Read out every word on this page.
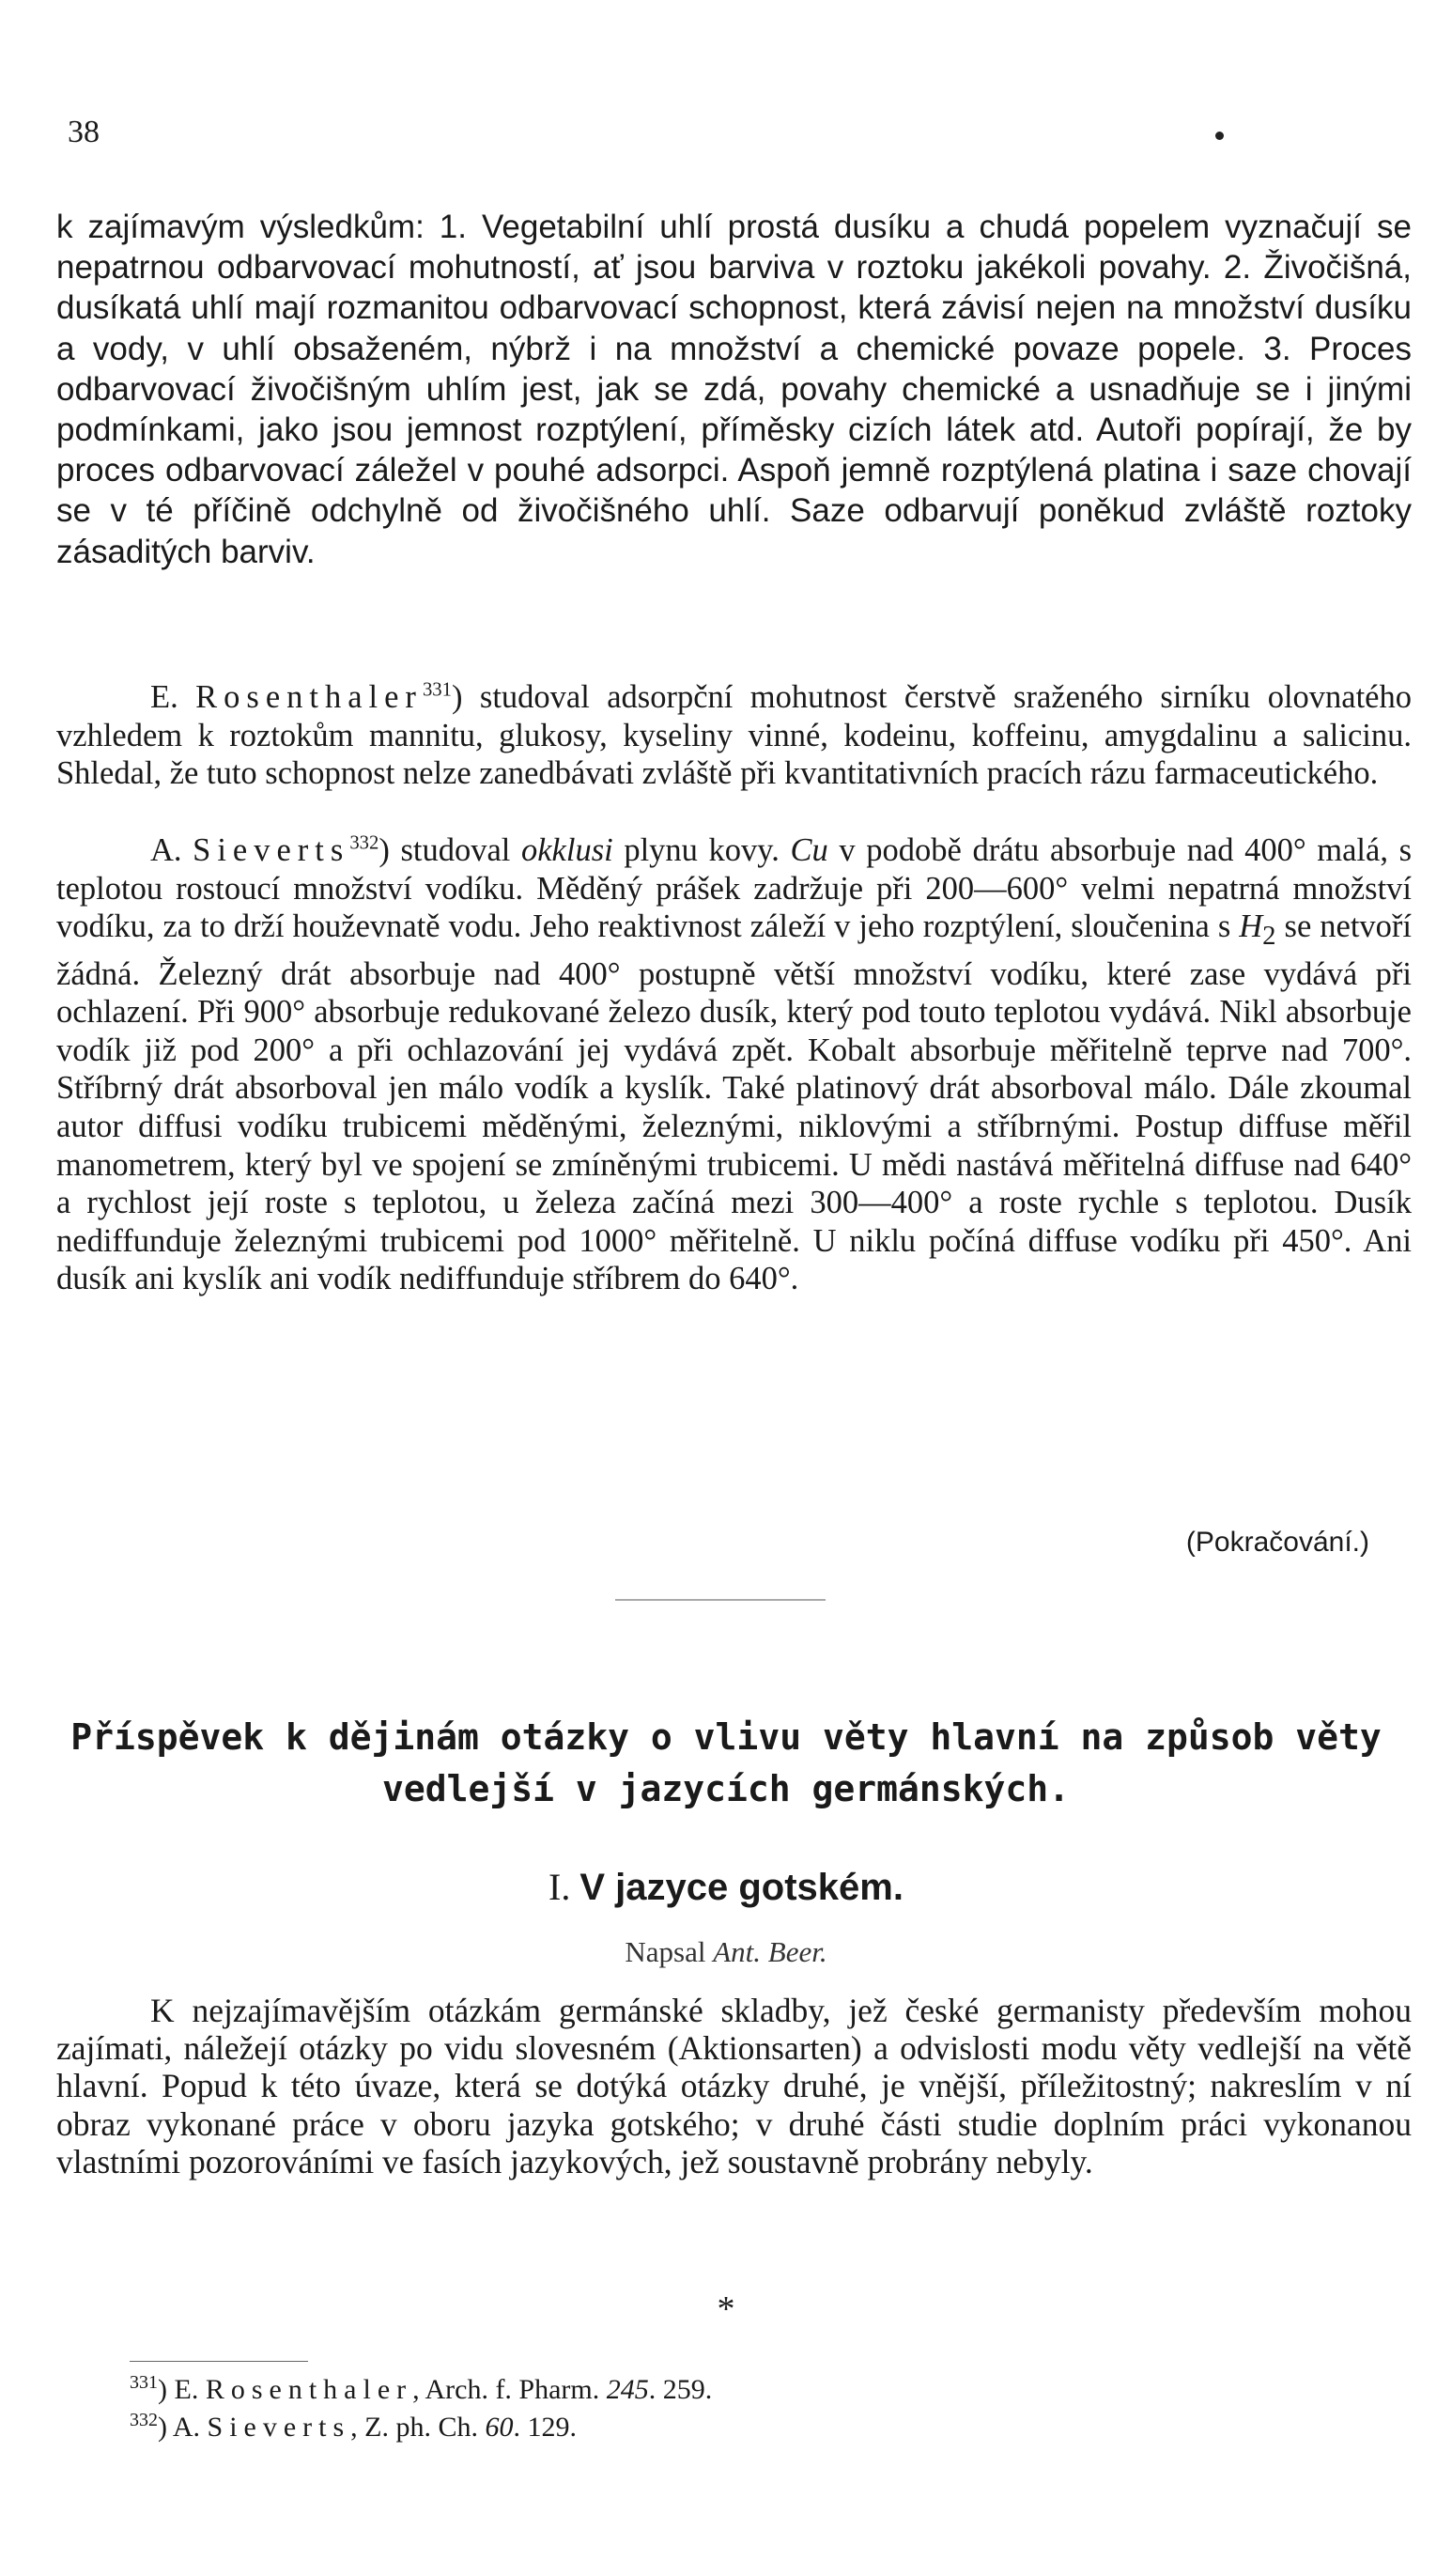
38

k zajímavým výsledkům: 1. Vegetabilní uhlí prostá dusíku a chudá popelem vyznačují se nepatrnou odbarvovací mohutností, ať jsou barviva v roztoku jakékoli povahy. 2. Živočišná, dusíkatá uhlí mají rozmanitou odbarvovací schopnost, která závisí nejen na množství dusíku a vody, v uhlí obsaženém, nýbrž i na množství a chemické povaze popele. 3. Proces odbarvovací živočišným uhlím jest, jak se zdá, povahy chemické a usnadňuje se i jinými podmínkami, jako jsou jemnost rozptýlení, příměsky cizích látek atd. Autoři popírají, že by proces odbarvovací záležel v pouhé adsorpci. Aspoň jemně rozptýlená platina i saze chovají se v té příčině odchylně od živočišného uhlí. Saze odbarvují poněkud zvláště roztoky zásaditých barviv.

E. Rosenthaler$^{331}$) studoval adsorpční mohutnost čerstvě sraženého sirníku olovnatého vzhledem k roztokům mannitu, glukosy, kyseliny vinné, kodeinu, koffeinu, amygdalinu a salicinu. Shledal, že tuto schopnost nelze zanedbávati zvláště při kvantitativních pracích rázu farmaceutického.

A. Sieverts$^{332}$) studoval okklusi plynu kovy. Cu v podobě drátu absorbuje nad 400° malá, s teplotou rostoucí množství vodíku. Měděný prášek zadržuje při 200—600° velmi nepatrná množství vodíku, za to drží houževnatě vodu. Jeho reaktivnost záleží v jeho rozptýlení, sloučenina s $H_2$ se netvoří žádná. Železný drát absorbuje nad 400° postupně větší množství vodíku, které zase vydává při ochlazení. Při 900° absorbuje redukované železo dusík, který pod touto teplotou vydává. Nikl absorbuje vodík již pod 200° a při ochlazování jej vydává zpět. Kobalt absorbuje měřitelně teprve nad 700°. Stříbrný drát absorboval jen málo vodík a kyslík. Také platinový drát absorboval málo. Dále zkoumal autor diffusi vodíku trubicemi měděnými, železnými, niklovými a stříbrnými. Postup diffuse měřil manometrem, který byl ve spojení se zmíněnými trubicemi. U mědi nastává měřitelná diffuse nad 640° a rychlost její roste s teplotou, u železa začíná mezi 300—400° a roste rychle s teplotou. Dusík nediffunduje železnými trubicemi pod 1000° měřitelně. U niklu počíná diffuse vodíku při 450°. Ani dusík ani kyslík ani vodík nediffunduje stříbrem do 640°.

(Pokračování.)
Příspěvek k dějinám otázky o vlivu věty hlavní na způsob věty vedlejší v jazycích germánských.
I. V jazyce gotském.
Napsal Ant. Beer.

K nejzajímavějším otázkám germánské skladby, jež české germanisty především mohou zajímati, náležejí otázky po vidu slovesném (Aktionsarten) a odvislosti modu věty vedlejší na větě hlavní. Popud k této úvaze, která se dotýká otázky druhé, je vnější, příležitostný; nakreslím v ní obraz vykonané práce v oboru jazyka gotského; v druhé části studie doplním práci vykonanou vlastními pozorováními ve fasích jazykových, jež soustavně probrány nebyly.

*
$^{331}$) E. Rosenthaler, Arch. f. Pharm. 245. 259.
$^{332}$) A. Sieverts, Z. ph. Ch. 60. 129.
